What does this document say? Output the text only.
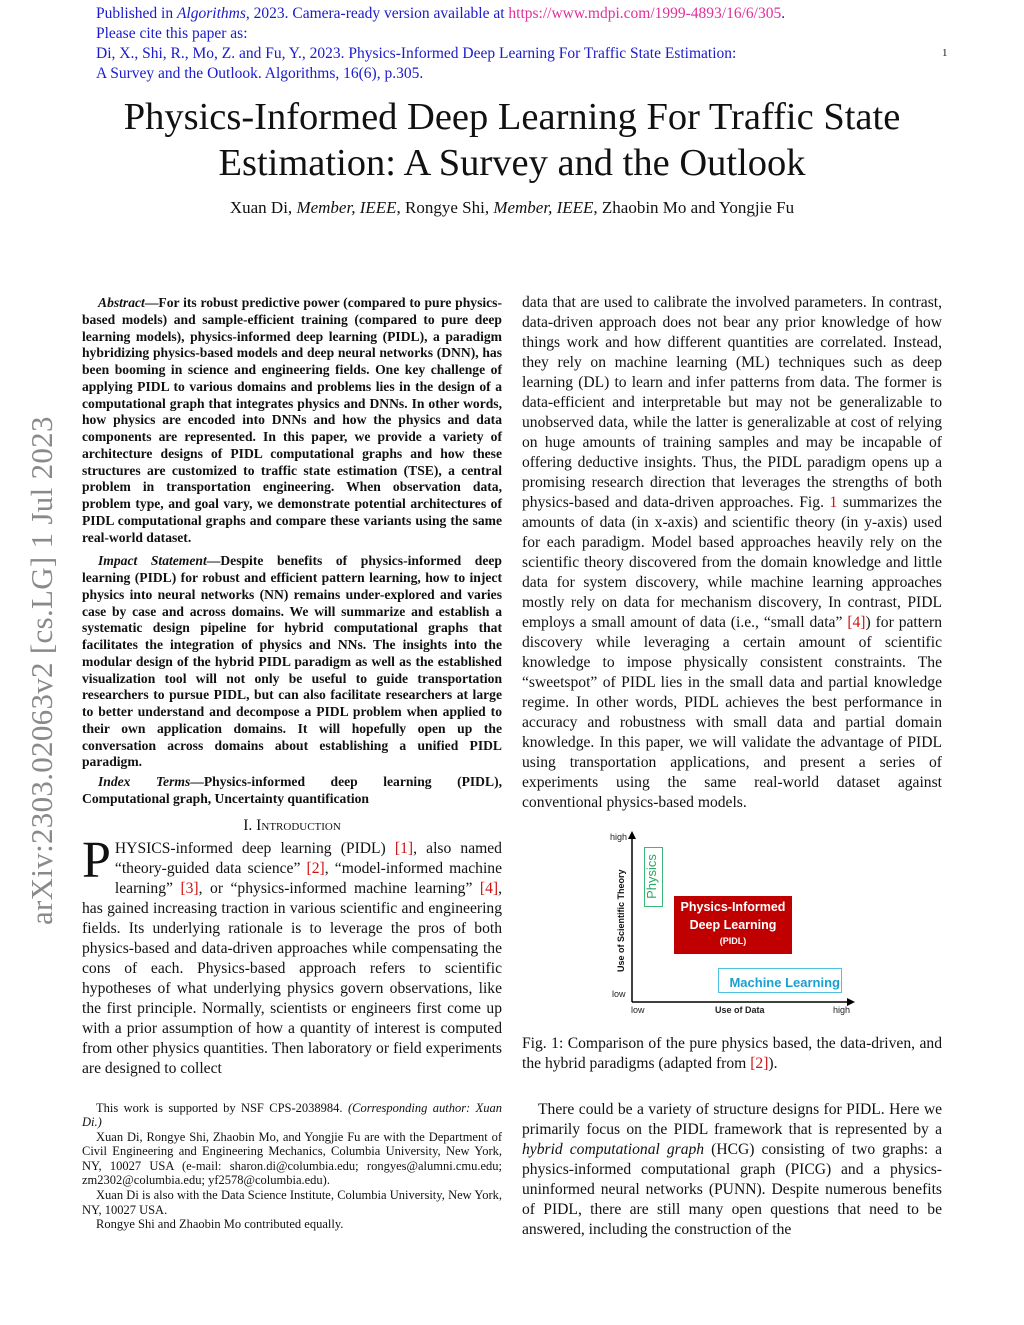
Published in Algorithms, 2023. Camera-ready version available at https://www.mdpi.com/1999-4893/16/6/305.
Please cite this paper as:
Di, X., Shi, R., Mo, Z. and Fu, Y., 2023. Physics-Informed Deep Learning For Traffic State Estimation:
A Survey and the Outlook. Algorithms, 16(6), p.305.
1
Physics-Informed Deep Learning For Traffic State
Estimation: A Survey and the Outlook
Xuan Di, Member, IEEE, Rongye Shi, Member, IEEE, Zhaobin Mo and Yongjie Fu
arXiv:2303.02063v2 [cs.LG] 1 Jul 2023

Abstract—For its robust predictive power (compared to pure physics-based models) and sample-efficient training (compared to pure deep learning models), physics-informed deep learning (PIDL), a paradigm hybridizing physics-based models and deep neural networks (DNN), has been booming in science and engineering fields. One key challenge of applying PIDL to various domains and problems lies in the design of a computational graph that integrates physics and DNNs. In other words, how physics are encoded into DNNs and how the physics and data components are represented. In this paper, we provide a variety of architecture designs of PIDL computational graphs and how these structures are customized to traffic state estimation (TSE), a central problem in transportation engineering. When observation data, problem type, and goal vary, we demonstrate potential architectures of PIDL computational graphs and compare these variants using the same real-world dataset.

Impact Statement—Despite benefits of physics-informed deep learning (PIDL) for robust and efficient pattern learning, how to inject physics into neural networks (NN) remains under-explored and varies case by case and across domains. We will summarize and establish a systematic design pipeline for hybrid computational graphs that facilitates the integration of physics and NNs. The insights into the modular design of the hybrid PIDL paradigm as well as the established visualization tool will not only be useful to guide transportation researchers to pursue PIDL, but can also facilitate researchers at large to better understand and decompose a PIDL problem when applied to their own application domains. It will hopefully open up the conversation across domains about establishing a unified PIDL paradigm.

Index Terms—Physics-informed deep learning (PIDL), Computational graph, Uncertainty quantification

I. Introduction

PHYSICS-informed deep learning (PIDL) [1], also named “theory-guided data science” [2], “model-informed machine learning” [3], or “physics-informed machine learning” [4], has gained increasing traction in various scientific and engineering fields. Its underlying rationale is to leverage the pros of both physics-based and data-driven approaches while compensating the cons of each. Physics-based approach refers to scientific hypotheses of what underlying physics govern observations, like the first principle. Normally, scientists or engineers first come up with a prior assumption of how a quantity of interest is computed from other physics quantities. Then laboratory or field experiments are designed to collect

This work is supported by NSF CPS-2038984. (Corresponding author: Xuan Di.)

Xuan Di, Rongye Shi, Zhaobin Mo, and Yongjie Fu are with the Department of Civil Engineering and Engineering Mechanics, Columbia University, New York, NY, 10027 USA (e-mail: sharon.di@columbia.edu; rongyes@alumni.cmu.edu; zm2302@columbia.edu; yf2578@columbia.edu).

Xuan Di is also with the Data Science Institute, Columbia University, New York, NY, 10027 USA.

Rongye Shi and Zhaobin Mo contributed equally.

data that are used to calibrate the involved parameters. In contrast, data-driven approach does not bear any prior knowledge of how things work and how different quantities are correlated. Instead, they rely on machine learning (ML) techniques such as deep learning (DL) to learn and infer patterns from data. The former is data-efficient and interpretable but may not be generalizable to unobserved data, while the latter is generalizable at cost of relying on huge amounts of training samples and may be incapable of offering deductive insights. Thus, the PIDL paradigm opens up a promising research direction that leverages the strengths of both physics-based and data-driven approaches. Fig. 1 summarizes the amounts of data (in x-axis) and scientific theory (in y-axis) used for each paradigm. Model based approaches heavily rely on the scientific theory discovered from the domain knowledge and little data for system discovery, while machine learning approaches mostly rely on data for mechanism discovery, In contrast, PIDL employs a small amount of data (i.e., “small data” [4]) for pattern discovery while leveraging a certain amount of scientific knowledge to impose physically consistent constraints. The “sweetspot” of PIDL lies in the small data and partial knowledge regime. In other words, PIDL achieves the best performance in accuracy and robustness with small data and partial domain knowledge. In this paper, we will validate the advantage of PIDL using transportation applications, and present a series of experiments using the same real-world dataset against conventional physics-based models.

high
low
low	high
Use of Data
Use of Scientific Theory Physics
Physics-Informed
Deep Learning
(PIDL)
Machine Learning
Fig. 1: Comparison of the pure physics based, the data-driven, and the hybrid paradigms (adapted from [2]).

There could be a variety of structure designs for PIDL. Here we primarily focus on the PIDL framework that is represented by a hybrid computational graph (HCG) consisting of two graphs: a physics-informed computational graph (PICG) and a physics-uninformed neural networks (PUNN). Despite numerous benefits of PIDL, there are still many open questions that need to be answered, including the construction of the
